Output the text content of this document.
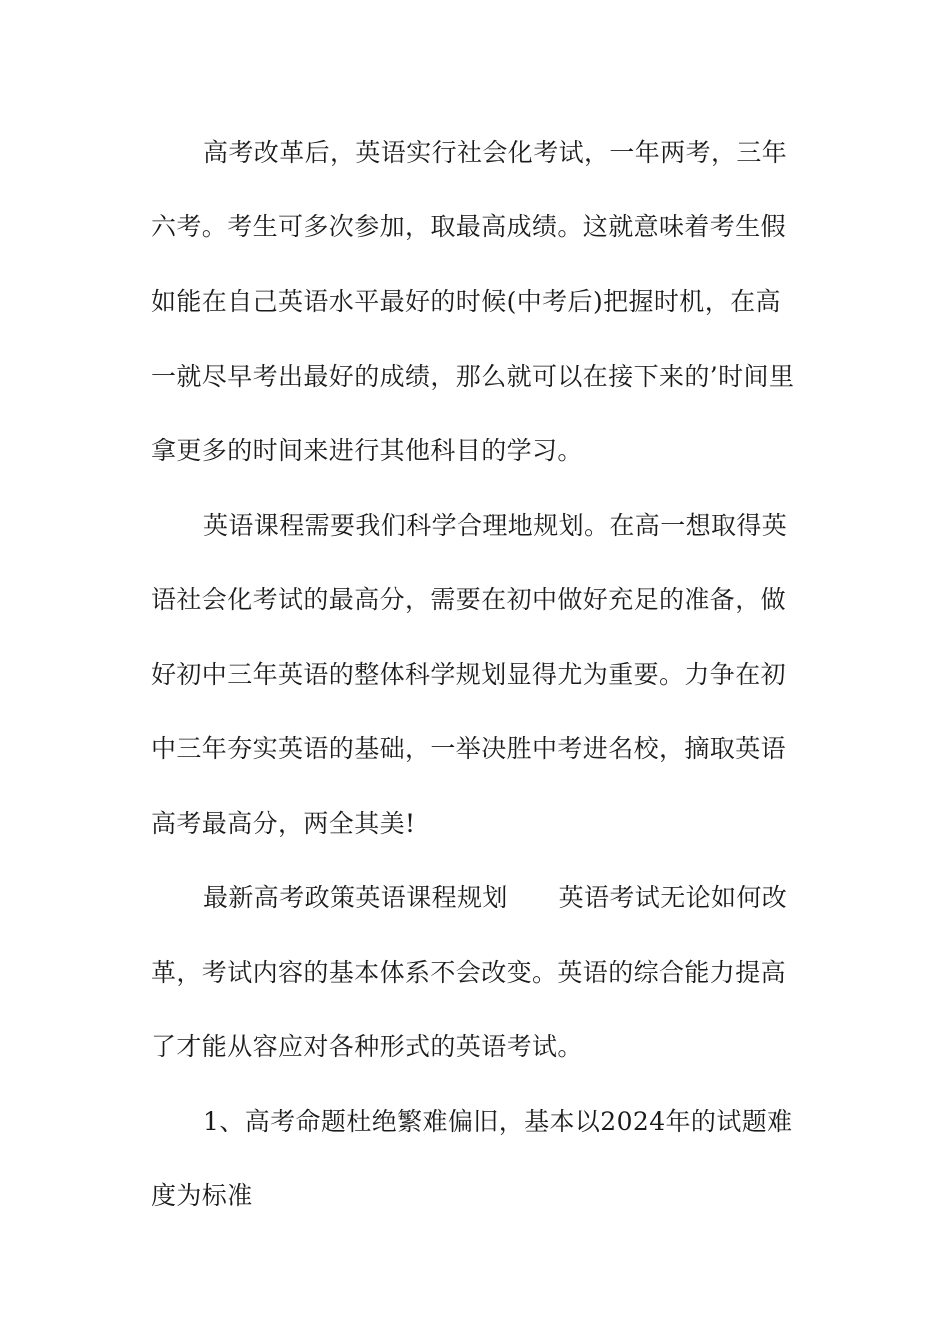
高考改革后，英语实行社会化考试，一年两考，三年
六考。考生可多次参加，取最高成绩。这就意味着考生假
如能在自己英语水平最好的时候(中考后)把握时机，在高
一就尽早考出最好的成绩，那么就可以在接下来的’时间里
拿更多的时间来进行其他科目的学习。
英语课程需要我们科学合理地规划。在高一想取得英
语社会化考试的最高分，需要在初中做好充足的准备，做
好初中三年英语的整体科学规划显得尤为重要。力争在初
中三年夯实英语的基础，一举决胜中考进名校，摘取英语
高考最高分，两全其美!
最新高考政策英语课程规划　　英语考试无论如何改
革，考试内容的基本体系不会改变。英语的综合能力提高
了才能从容应对各种形式的英语考试。
1、高考命题杜绝繁难偏旧，基本以2024年的试题难
度为标准
